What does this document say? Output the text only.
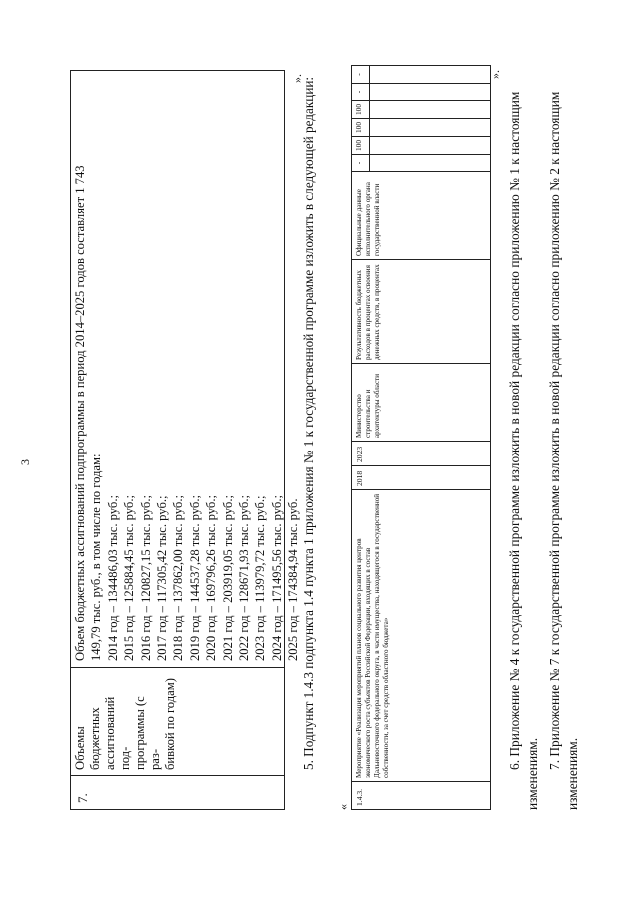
3
7.
Объемы бюджетных ассигнований под- программы (с раз- бивкой по годам)
Объем бюджетных ассигнований подпрограммы в период 2014–2025 годов составляет 1 743 149,79 тыс. руб., в том числе по годам: 2014 год – 134486,03 тыс. руб.; 2015 год – 125884,45 тыс. руб.; 2016 год – 120827,15 тыс. руб.; 2017 год – 117305,42 тыс. руб.; 2018 год – 137862,00 тыс. руб.; 2019 год – 144537,28 тыс. руб.; 2020 год – 169796,26 тыс. руб.; 2021 год – 203919,05 тыс. руб.; 2022 год – 128671,93 тыс. руб.; 2023 год – 113979,72 тыс. руб.; 2024 год – 171495,56 тыс. руб.; 2025 год – 174384,94 тыс. руб.
».
5. Подпункт 1.4.3 подпункта 1.4 пункта 1 приложения № 1 к государственной программе изложить в следующей редакции:
«
1.4.3.
Мероприятие «Реализация мероприятий планов социального развития центров экономического роста субъектов Российской Федерации, входящих в состав Дальневосточного федерального округа, в части имущества, находящегося в государственной собственности, за счет средств областного бюджета»
2018
2023
Министерство строительства и архитектуры области
Результативность бюджетных расходов в процентах освоения денежных средств, в процентах
Официальные данные исполнительного органа государственной власти
-
100
100
100
-
-	».
6. Приложение № 4 к государственной программе изложить в новой редакции согласно приложению № 1 к настоящим изменениям.
7. Приложение № 7 к государственной программе изложить в новой редакции согласно приложению № 2 к настоящим изменениям.
